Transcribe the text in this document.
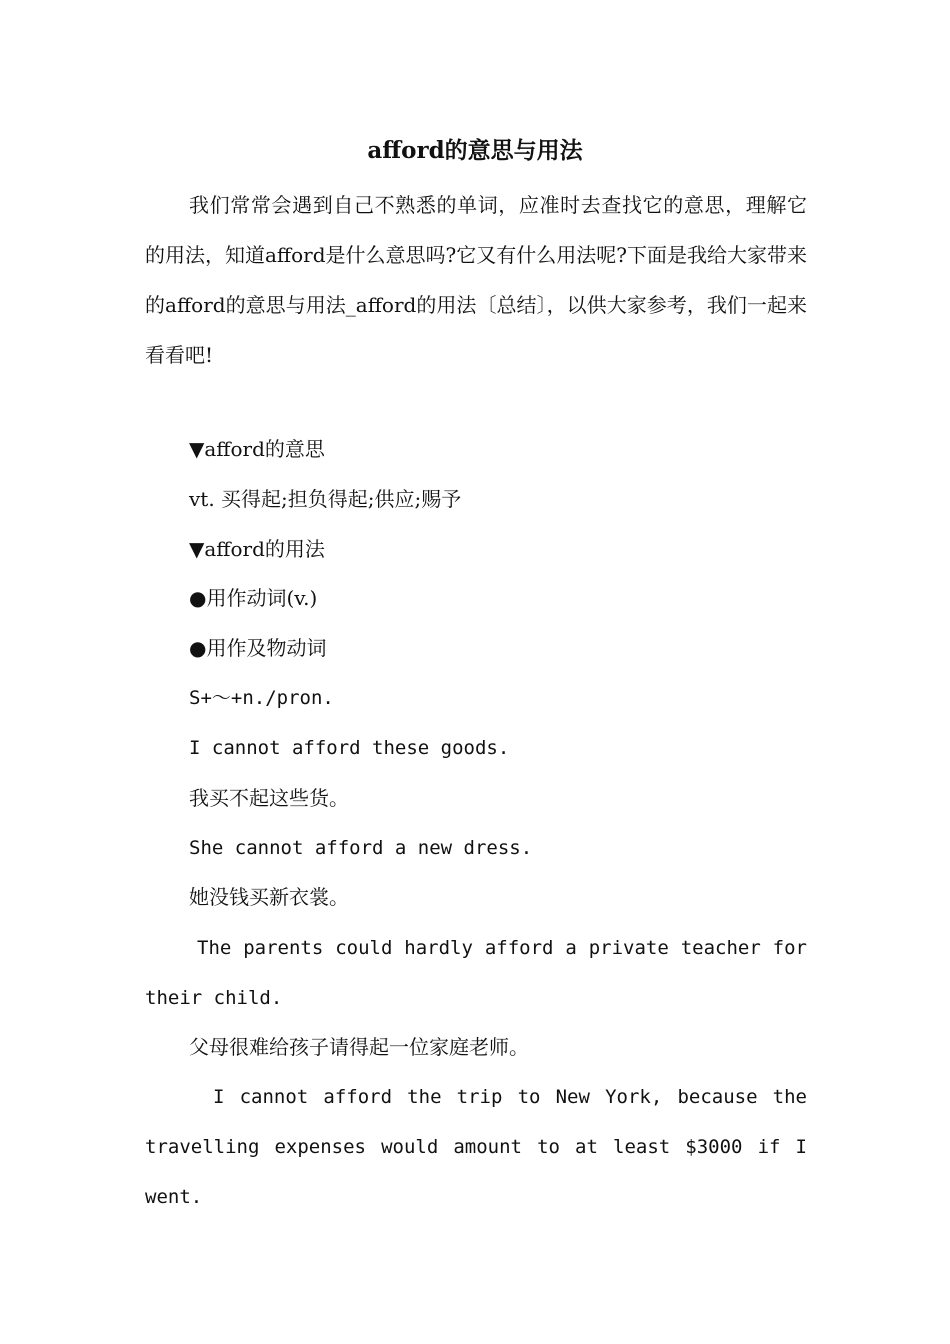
afford的意思与用法

我们常常会遇到自己不熟悉的单词，应准时去查找它的意思，理解它的用法，知道afford是什么意思吗?它又有什么用法呢?下面是我给大家带来的afford的意思与用法_afford的用法〔总结〕，以供大家参考，我们一起来看看吧!

▼afford的意思

vt. 买得起;担负得起;供应;赐予

▼afford的用法

●用作动词(v.)

●用作及物动词

S+～+n./pron.

I cannot afford these goods.

我买不起这些货。

She cannot afford a new dress.

她没钱买新衣裳。

The parents could hardly afford a private teacher for their child.

父母很难给孩子请得起一位家庭老师。

I cannot afford the trip to New York, because the travelling expenses would amount to at least $3000 if I went.
